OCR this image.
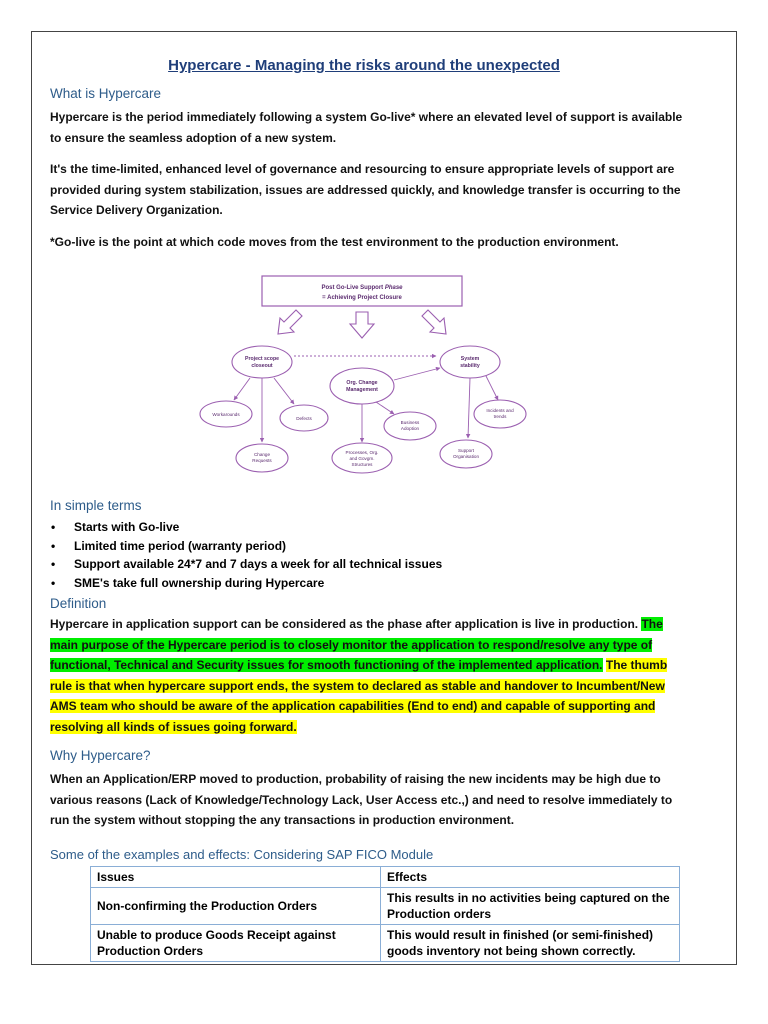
Hypercare - Managing the risks around the unexpected
What is Hypercare
Hypercare is the period immediately following a system Go-live* where an elevated level of support is available to ensure the seamless adoption of a new system.
It's the time-limited, enhanced level of governance and resourcing to ensure appropriate levels of support are provided during system stabilization, issues are addressed quickly, and knowledge transfer is occurring to the Service Delivery Organization.
*Go-live is the point at which code moves from the test environment to the production environment.
Post Go-Live Support Phase
= Achieving Project Closure
Project scope closeout
System stability
Org. Change Management
Workarounds
Defects
Change Requests
Processes, Org. and Govgm. Structures
Business Adoption
Support Organisation
Incidents and trends
In simple terms
• Starts with Go-live
• Limited time period (warranty period)
• Support available 24*7 and 7 days a week for all technical issues
• SME's take full ownership during Hypercare
Definition
Hypercare in application support can be considered as the phase after application is live in production. The main purpose of the Hypercare period is to closely monitor the application to respond/resolve any type of functional, Technical and Security issues for smooth functioning of the implemented application. The thumb rule is that when hypercare support ends, the system to declared as stable and handover to Incumbent/New AMS team who should be aware of the application capabilities (End to end) and capable of supporting and resolving all kinds of issues going forward.
Why Hypercare?
When an Application/ERP moved to production, probability of raising the new incidents may be high due to various reasons (Lack of Knowledge/Technology Lack, User Access etc.,) and need to resolve immediately to run the system without stopping the any transactions in production environment.
Some of the examples and effects: Considering SAP FICO Module
Issues	Effects
Non-confirming the Production Orders	This results in no activities being captured on the Production orders
Unable to produce Goods Receipt against Production Orders	This would result in finished (or semi-finished) goods inventory not being shown correctly.
